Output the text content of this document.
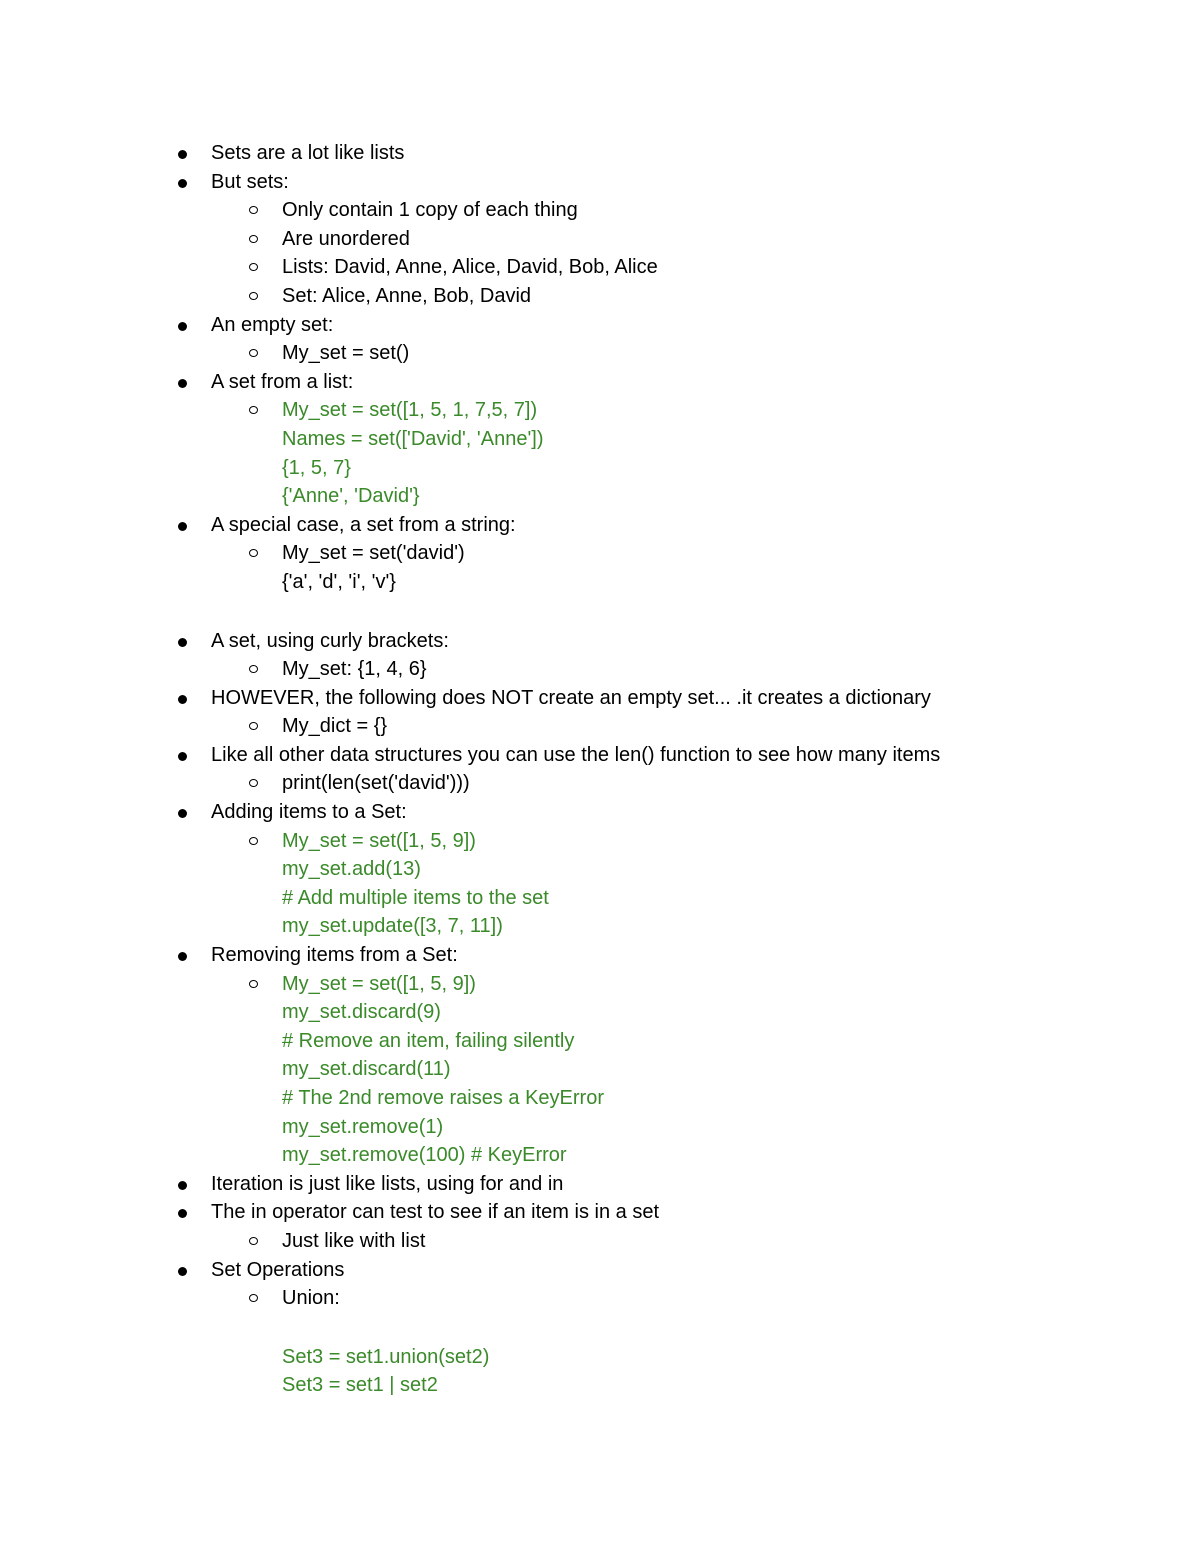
Sets are a lot like lists
But sets:
Only contain 1 copy of each thing
Are unordered
Lists: David, Anne, Alice, David, Bob, Alice
Set: Alice, Anne, Bob, David
An empty set:
My_set = set()
A set from a list:
My_set = set([1, 5, 1, 7,5, 7])
Names = set(['David', 'Anne'])
{1, 5, 7}
{'Anne', 'David'}
A special case, a set from a string:
My_set = set('david')
{'a', 'd', 'i', 'v'}
A set, using curly brackets:
My_set: {1, 4, 6}
HOWEVER, the following does NOT create an empty set... .it creates a dictionary
My_dict = {}
Like all other data structures you can use the len() function to see how many items
print(len(set('david')))
Adding items to a Set:
My_set = set([1, 5, 9])
my_set.add(13)
# Add multiple items to the set
my_set.update([3, 7, 11])
Removing items from a Set:
My_set = set([1, 5, 9])
my_set.discard(9)
# Remove an item, failing silently
my_set.discard(11)
# The 2nd remove raises a KeyError
my_set.remove(1)
my_set.remove(100) # KeyError
Iteration is just like lists, using for and in
The in operator can test to see if an item is in a set
Just like with list
Set Operations
Union:
Set3 = set1.union(set2)
Set3 = set1 | set2
